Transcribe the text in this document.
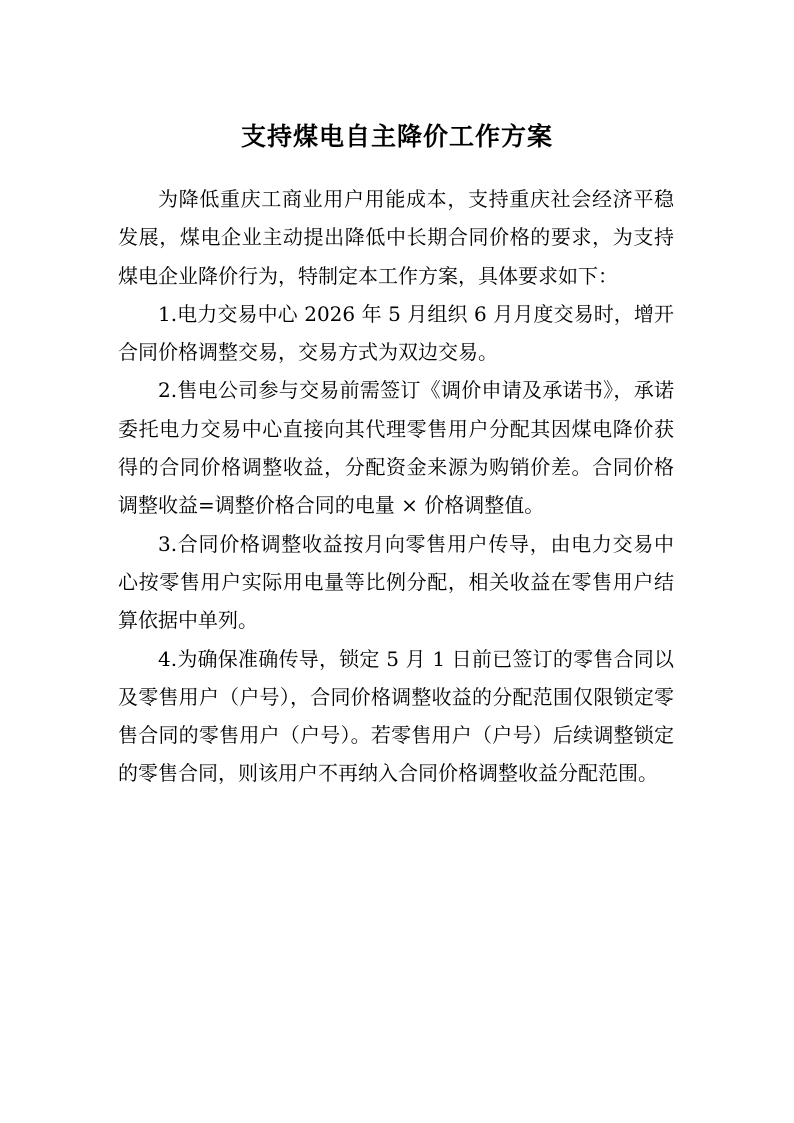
支持煤电自主降价工作方案

为降低重庆工商业用户用能成本，支持重庆社会经济平稳发展，煤电企业主动提出降低中长期合同价格的要求，为支持煤电企业降价行为，特制定本工作方案，具体要求如下：

1.电力交易中心 2026 年 5 月组织 6 月月度交易时，增开合同价格调整交易，交易方式为双边交易。

2.售电公司参与交易前需签订《调价申请及承诺书》，承诺委托电力交易中心直接向其代理零售用户分配其因煤电降价获得的合同价格调整收益，分配资金来源为购销价差。合同价格调整收益=调整价格合同的电量 × 价格调整值。

3.合同价格调整收益按月向零售用户传导，由电力交易中心按零售用户实际用电量等比例分配，相关收益在零售用户结算依据中单列。

4.为确保准确传导，锁定 5 月 1 日前已签订的零售合同以及零售用户（户号），合同价格调整收益的分配范围仅限锁定零售合同的零售用户（户号）。若零售用户（户号）后续调整锁定的零售合同，则该用户不再纳入合同价格调整收益分配范围。
